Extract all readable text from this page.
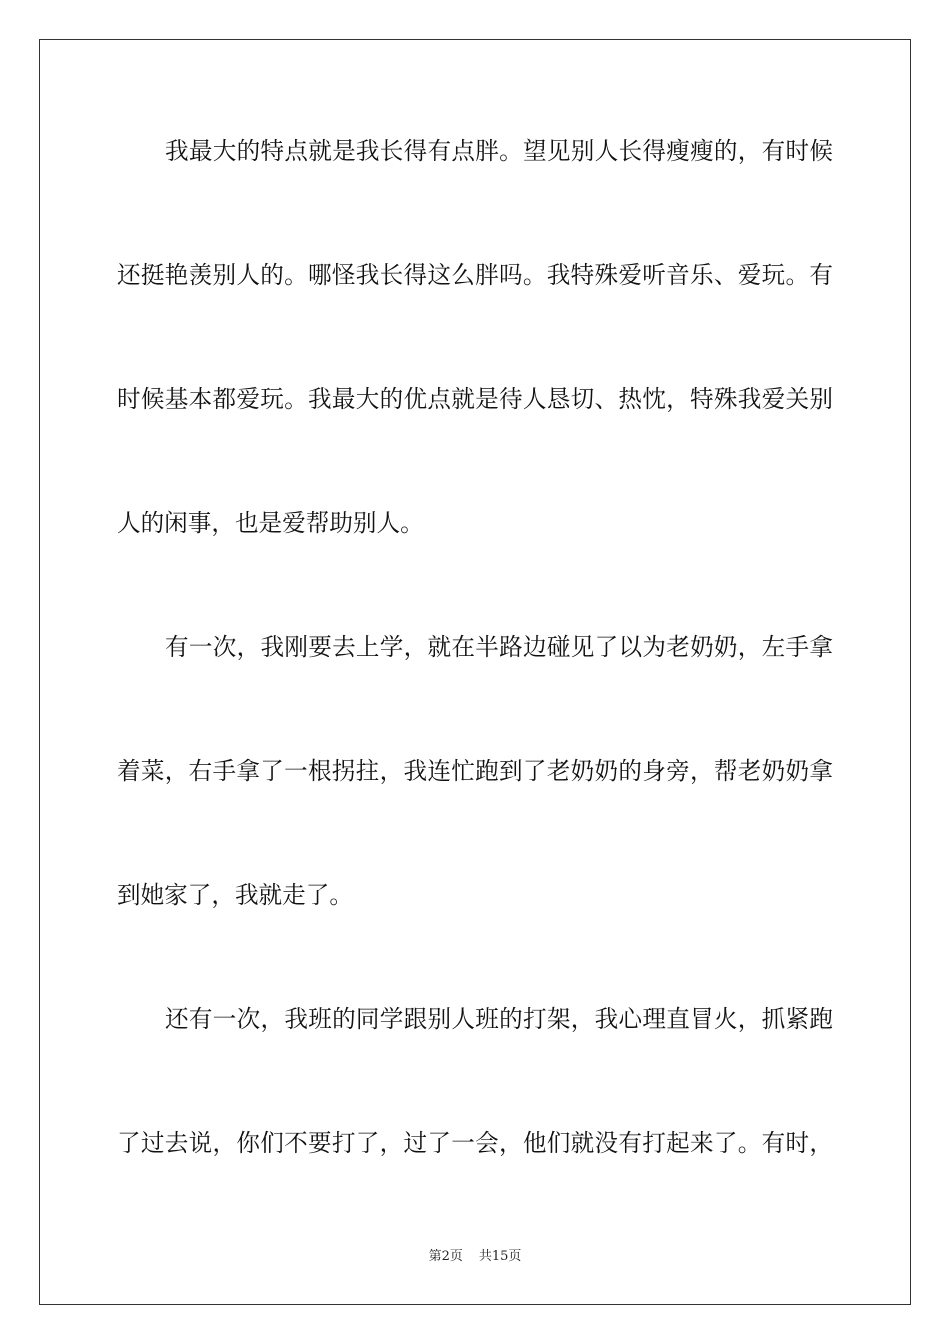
我最大的特点就是我长得有点胖。望见别人长得瘦瘦的，有时候

还挺艳羡别人的。哪怪我长得这么胖吗。我特殊爱听音乐、爱玩。有

时候基本都爱玩。我最大的优点就是待人恳切、热忱，特殊我爱关别

人的闲事，也是爱帮助别人。

有一次，我刚要去上学，就在半路边碰见了以为老奶奶，左手拿

着菜，右手拿了一根拐拄，我连忙跑到了老奶奶的身旁，帮老奶奶拿

到她家了，我就走了。

还有一次，我班的同学跟别人班的打架，我心理直冒火，抓紧跑

了过去说，你们不要打了，过了一会，他们就没有打起来了。有时，

第2页 共15页
